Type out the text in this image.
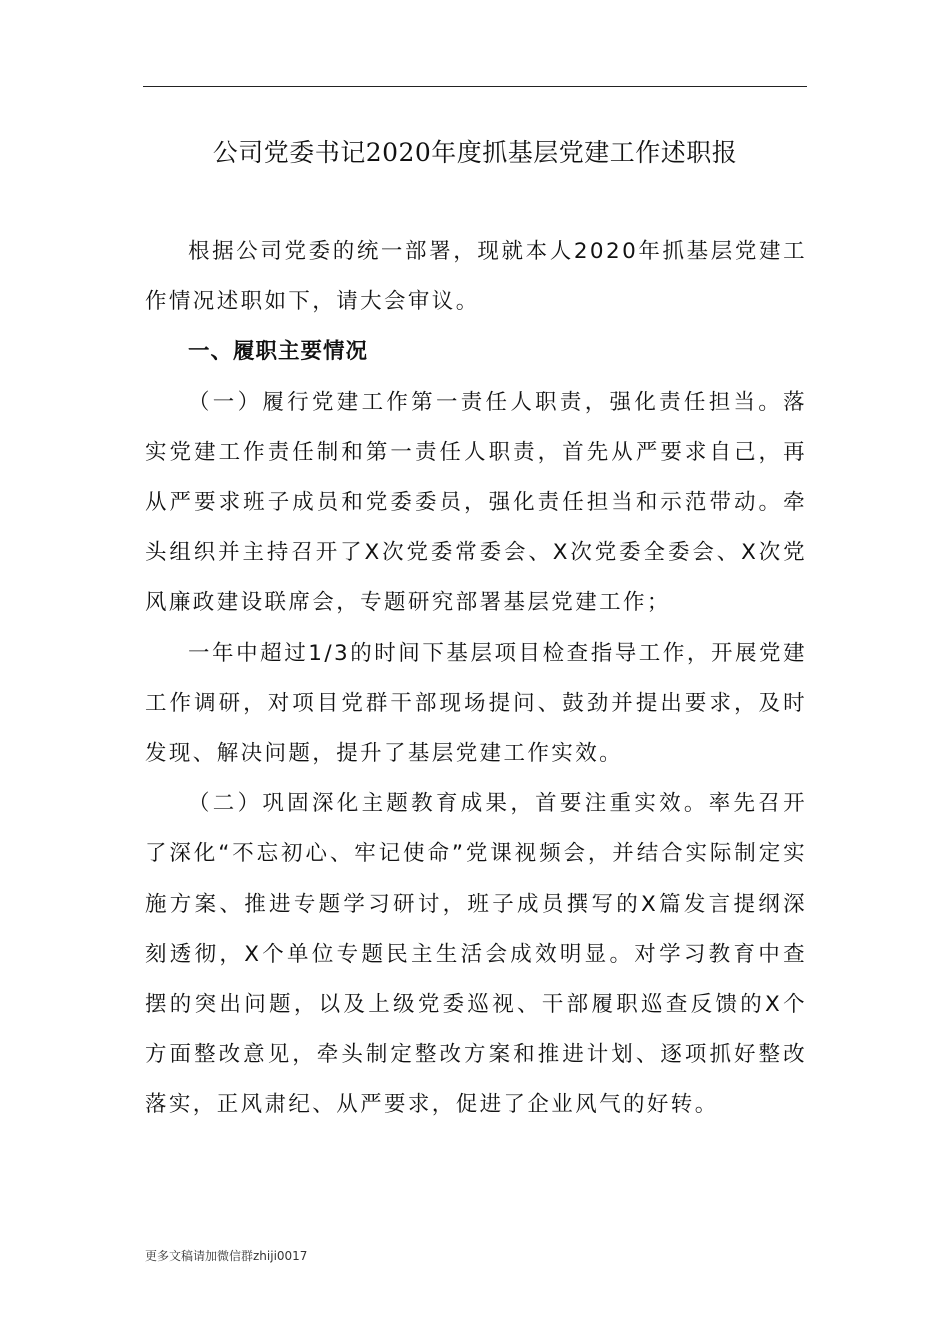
公司党委书记2020年度抓基层党建工作述职报

根据公司党委的统一部署，现就本人2020年抓基层党建工作情况述职如下，请大会审议。

一、履职主要情况

（一）履行党建工作第一责任人职责，强化责任担当。落实党建工作责任制和第一责任人职责，首先从严要求自己，再从严要求班子成员和党委委员，强化责任担当和示范带动。牵头组织并主持召开了X次党委常委会、X次党委全委会、X次党风廉政建设联席会，专题研究部署基层党建工作；

一年中超过1/3的时间下基层项目检查指导工作，开展党建工作调研，对项目党群干部现场提问、鼓劲并提出要求，及时发现、解决问题，提升了基层党建工作实效。

（二）巩固深化主题教育成果，首要注重实效。率先召开了深化“不忘初心、牢记使命”党课视频会，并结合实际制定实施方案、推进专题学习研讨，班子成员撰写的X篇发言提纲深刻透彻，X个单位专题民主生活会成效明显。对学习教育中查摆的突出问题，以及上级党委巡视、干部履职巡查反馈的X个方面整改意见，牵头制定整改方案和推进计划、逐项抓好整改落实，正风肃纪、从严要求，促进了企业风气的好转。

更多文稿请加微信群zhiji0017
